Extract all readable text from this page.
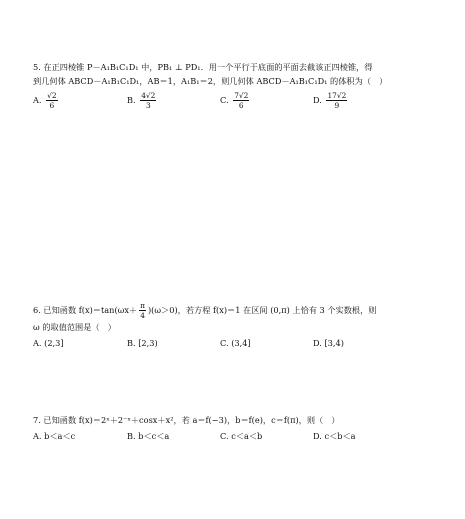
5. 在正四棱锥 P－A₁B₁C₁D₁ 中，PB₁ ⊥ PD₁．用一个平行于底面的平面去截该正四棱锥，得
到几何体 ABCD－A₁B₁C₁D₁，AB＝1，A₁B₁＝2，则几何体 ABCD－A₁B₁C₁D₁ 的体积为（　）
A. $\frac{√2}{6}$	B. $\frac{4√2}{3}$	C. $\frac{7√2}{6}$	D. $\frac{17√2}{9}$
6. 已知函数 $f(x)=\tan(\omega x+ \frac{\pi}{4} )(\omega>0)$，若方程 f(x)＝1 在区间 (0,π) 上恰有 3 个实数根，则
ω 的取值范围是（　）
A. (2,3]	B. [2,3)	C. (3,4]	D. [3,4)
7. 已知函数 f(x)＝2ˣ＋2⁻ˣ＋cosx＋x²，若 a＝f(−3)，b＝f(e)，c＝f(π)，则（　）
A. b＜a＜c	B. b＜c＜a	C. c＜a＜b	D. c＜b＜a
